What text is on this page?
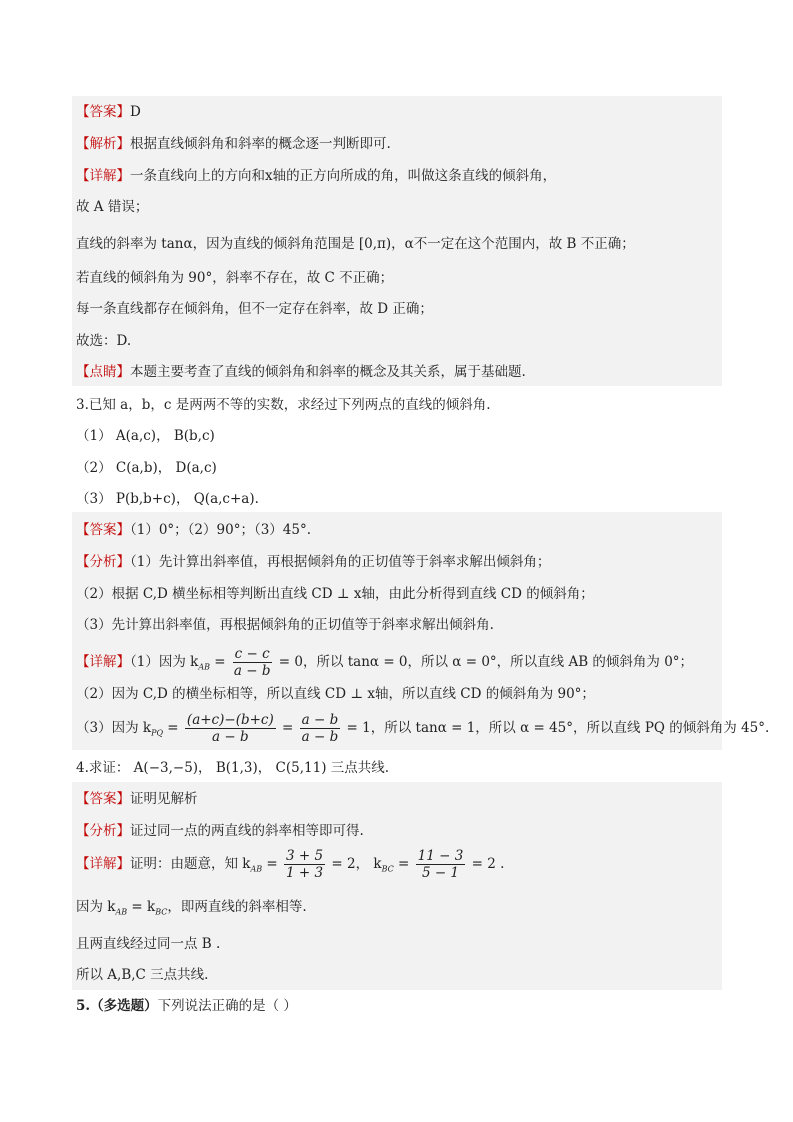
【答案】D
【解析】根据直线倾斜角和斜率的概念逐一判断即可.
【详解】一条直线向上的方向和x轴的正方向所成的角，叫做这条直线的倾斜角，
故 A 错误；
直线的斜率为 tanα，因为直线的倾斜角范围是 [0,π)，α不一定在这个范围内，故 B 不正确；
若直线的倾斜角为 90°，斜率不存在，故 C 不正确；
每一条直线都存在倾斜角，但不一定存在斜率，故 D 正确；
故选：D.
【点睛】本题主要考查了直线的倾斜角和斜率的概念及其关系，属于基础题.
3.已知 a，b，c 是两两不等的实数，求经过下列两点的直线的倾斜角.
（1） A(a,c)， B(b,c)
（2） C(a,b)， D(a,c)
（3） P(b,b+c)， Q(a,c+a).
【答案】（1）0°；（2）90°；（3）45°.
【分析】（1）先计算出斜率值，再根据倾斜角的正切值等于斜率求解出倾斜角；
（2）根据 C,D 横坐标相等判断出直线 CD ⊥ x轴，由此分析得到直线 CD 的倾斜角；
（3）先计算出斜率值，再根据倾斜角的正切值等于斜率求解出倾斜角.
【详解】（1）因为 $k_{AB} = \frac{c - c}{a - b} = 0$，所以 tanα = 0，所以 α = 0°，所以直线 AB 的倾斜角为 0°；
（2）因为 C,D 的横坐标相等，所以直线 CD ⊥ x轴，所以直线 CD 的倾斜角为 90°；
（3）因为 $k_{PQ} = \frac{(a+c)-(b+c)}{a - b} = \frac{a - b}{a - b} = 1$，所以 tanα = 1，所以 α = 45°，所以直线 PQ 的倾斜角为 45°.
4.求证： A(−3,−5)， B(1,3)， C(5,11) 三点共线.
【答案】证明见解析
【分析】证过同一点的两直线的斜率相等即可得.
【详解】证明：由题意，知 $k_{AB} = \frac{3 + 5}{1 + 3} = 2$， $k_{BC} = \frac{11 - 3}{5 - 1} = 2$ .
因为 $k_{AB} = k_{BC}$，即两直线的斜率相等.
且两直线经过同一点 B .
所以 A,B,C 三点共线.
5.（多选题）下列说法正确的是（ ）
